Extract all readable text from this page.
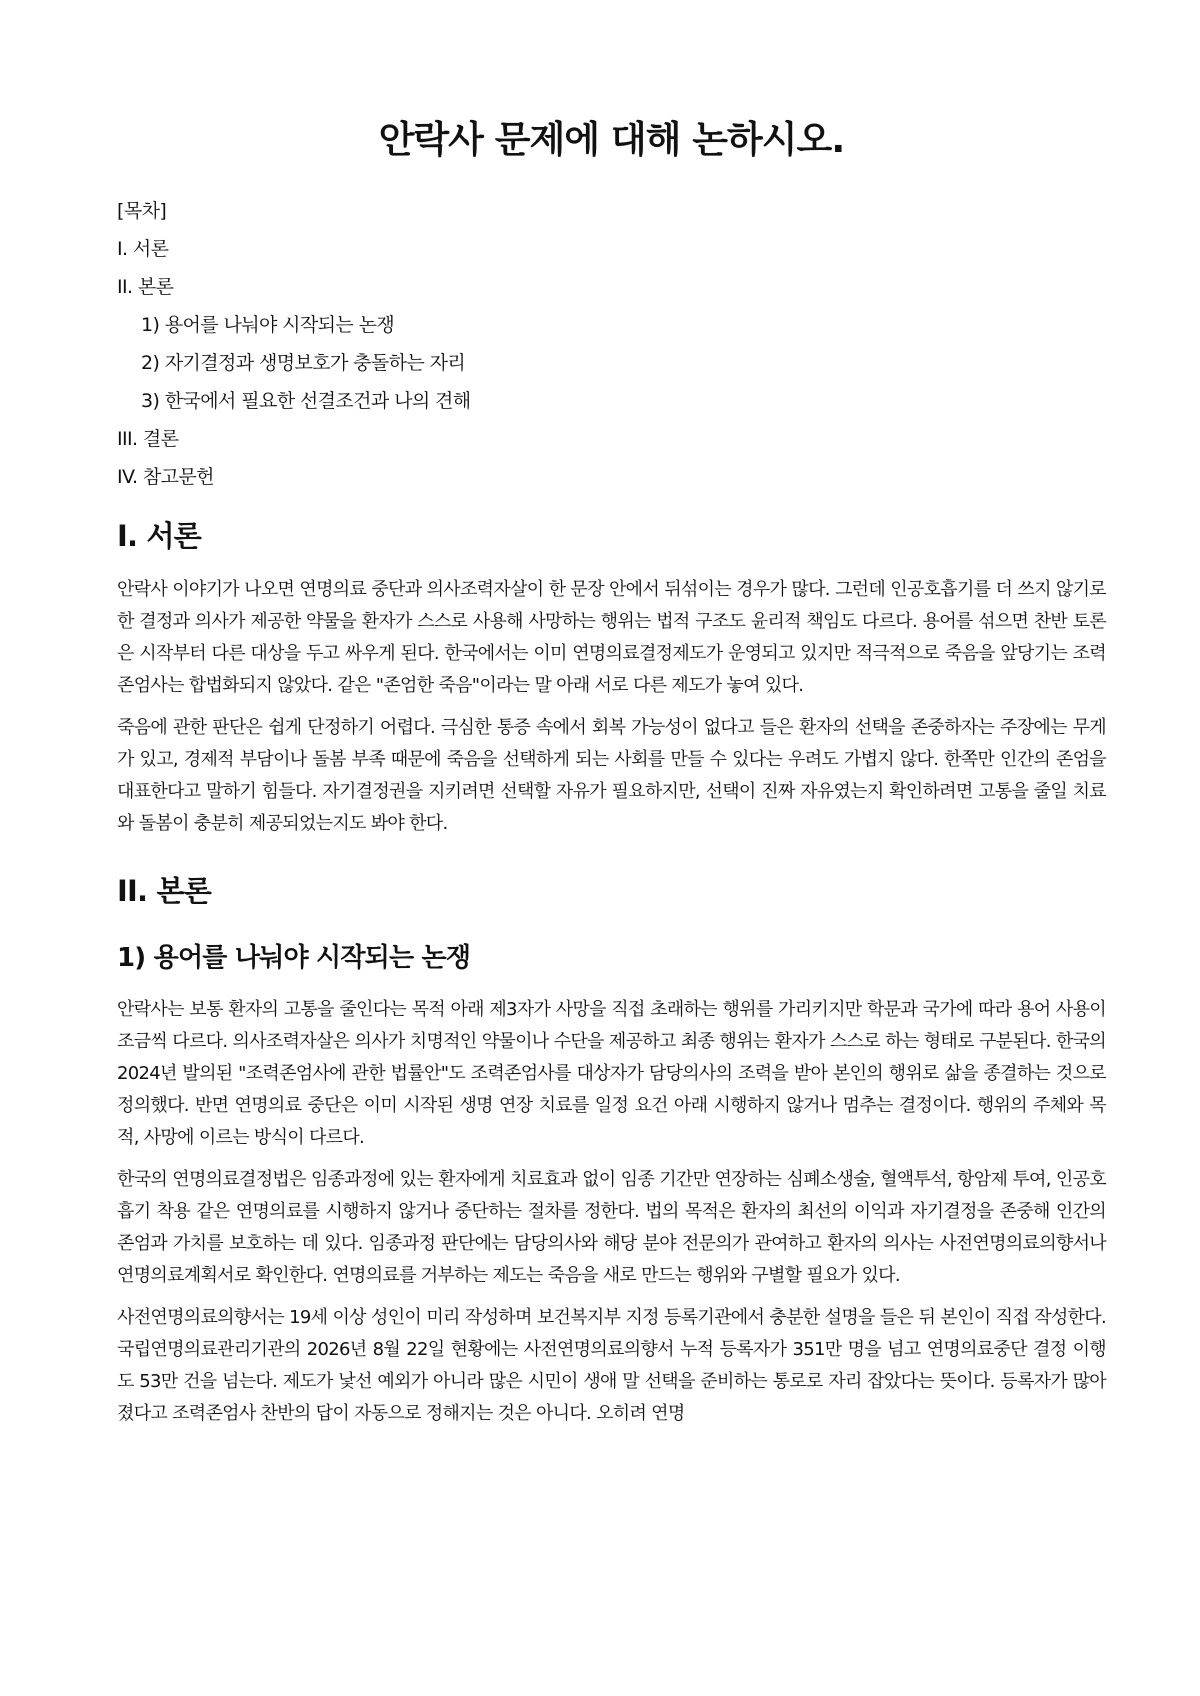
안락사 문제에 대해 논하시오.
[목차]
I. 서론
II. 본론
1) 용어를 나눠야 시작되는 논쟁
2) 자기결정과 생명보호가 충돌하는 자리
3) 한국에서 필요한 선결조건과 나의 견해
III. 결론
IV. 참고문헌
I. 서론

안락사 이야기가 나오면 연명의료 중단과 의사조력자살이 한 문장 안에서 뒤섞이는 경우가 많다. 그런데 인공호흡기를 더 쓰지 않기로 한 결정과 의사가 제공한 약물을 환자가 스스로 사용해 사망하는 행위는 법적 구조도 윤리적 책임도 다르다. 용어를 섞으면 찬반 토론은 시작부터 다른 대상을 두고 싸우게 된다. 한국에서는 이미 연명의료결정제도가 운영되고 있지만 적극적으로 죽음을 앞당기는 조력존엄사는 합법화되지 않았다. 같은 "존엄한 죽음"이라는 말 아래 서로 다른 제도가 놓여 있다.

죽음에 관한 판단은 쉽게 단정하기 어렵다. 극심한 통증 속에서 회복 가능성이 없다고 들은 환자의 선택을 존중하자는 주장에는 무게가 있고, 경제적 부담이나 돌봄 부족 때문에 죽음을 선택하게 되는 사회를 만들 수 있다는 우려도 가볍지 않다. 한쪽만 인간의 존엄을 대표한다고 말하기 힘들다. 자기결정권을 지키려면 선택할 자유가 필요하지만, 선택이 진짜 자유였는지 확인하려면 고통을 줄일 치료와 돌봄이 충분히 제공되었는지도 봐야 한다.

II. 본론
1) 용어를 나눠야 시작되는 논쟁

안락사는 보통 환자의 고통을 줄인다는 목적 아래 제3자가 사망을 직접 초래하는 행위를 가리키지만 학문과 국가에 따라 용어 사용이 조금씩 다르다. 의사조력자살은 의사가 치명적인 약물이나 수단을 제공하고 최종 행위는 환자가 스스로 하는 형태로 구분된다. 한국의 2024년 발의된 "조력존엄사에 관한 법률안"도 조력존엄사를 대상자가 담당의사의 조력을 받아 본인의 행위로 삶을 종결하는 것으로 정의했다. 반면 연명의료 중단은 이미 시작된 생명 연장 치료를 일정 요건 아래 시행하지 않거나 멈추는 결정이다. 행위의 주체와 목적, 사망에 이르는 방식이 다르다.

한국의 연명의료결정법은 임종과정에 있는 환자에게 치료효과 없이 임종 기간만 연장하는 심폐소생술, 혈액투석, 항암제 투여, 인공호흡기 착용 같은 연명의료를 시행하지 않거나 중단하는 절차를 정한다. 법의 목적은 환자의 최선의 이익과 자기결정을 존중해 인간의 존엄과 가치를 보호하는 데 있다. 임종과정 판단에는 담당의사와 해당 분야 전문의가 관여하고 환자의 의사는 사전연명의료의향서나 연명의료계획서로 확인한다. 연명의료를 거부하는 제도는 죽음을 새로 만드는 행위와 구별할 필요가 있다.

사전연명의료의향서는 19세 이상 성인이 미리 작성하며 보건복지부 지정 등록기관에서 충분한 설명을 들은 뒤 본인이 직접 작성한다. 국립연명의료관리기관의 2026년 8월 22일 현황에는 사전연명의료의향서 누적 등록자가 351만 명을 넘고 연명의료중단 결정 이행도 53만 건을 넘는다. 제도가 낯선 예외가 아니라 많은 시민이 생애 말 선택을 준비하는 통로로 자리 잡았다는 뜻이다. 등록자가 많아졌다고 조력존엄사 찬반의 답이 자동으로 정해지는 것은 아니다. 오히려 연명
